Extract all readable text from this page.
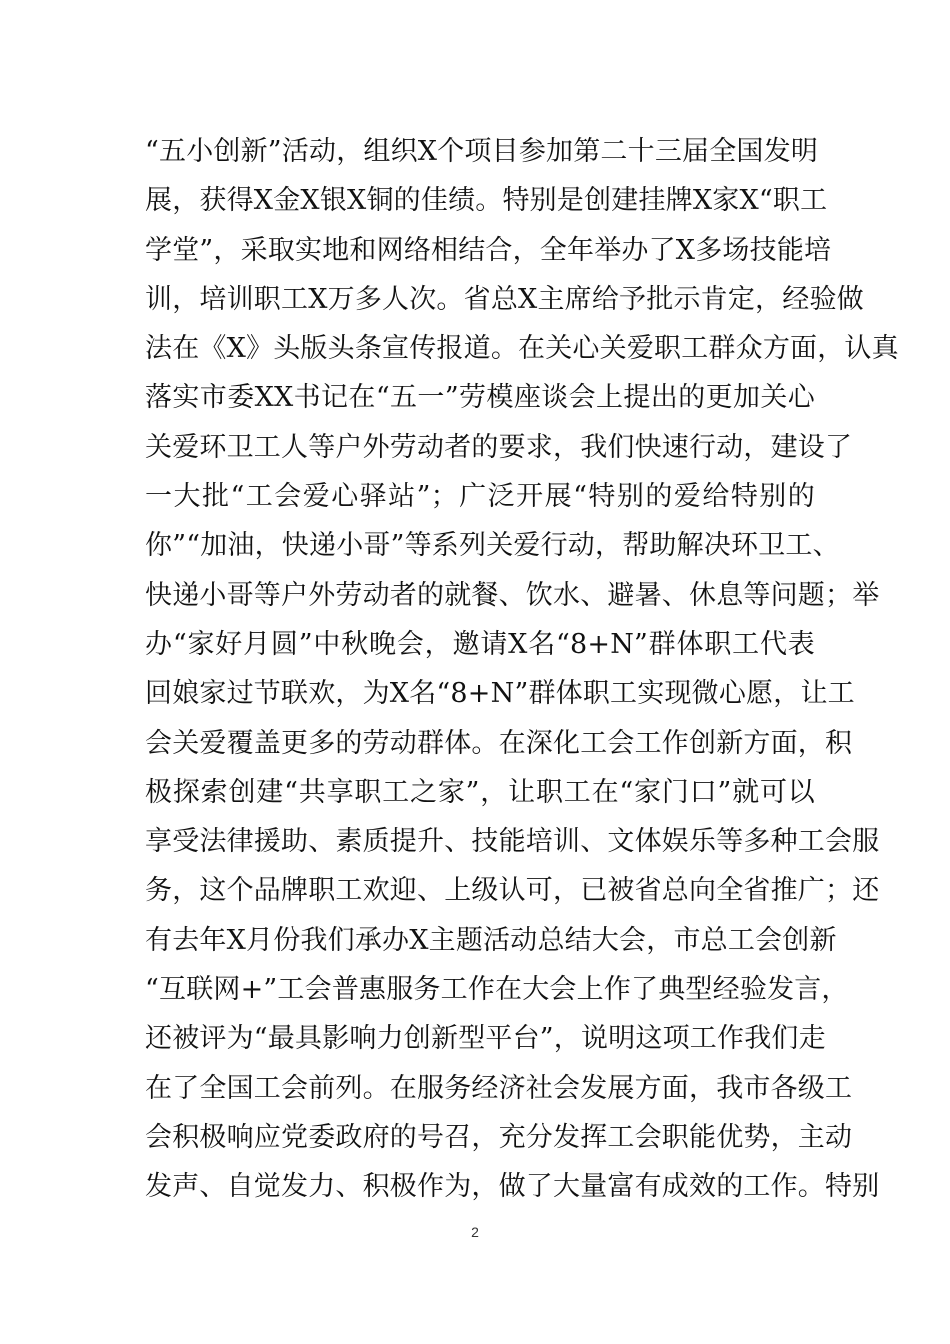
“五小创新”活动，组织X个项目参加第二十三届全国发明
展，获得X金X银X铜的佳绩。特别是创建挂牌X家X“职工
学堂”，采取实地和网络相结合，全年举办了X多场技能培
训，培训职工X万多人次。省总X主席给予批示肯定，经验做
法在《X》头版头条宣传报道。在关心关爱职工群众方面，认真
落实市委XX书记在“五一”劳模座谈会上提出的更加关心
关爱环卫工人等户外劳动者的要求，我们快速行动，建设了
一大批“工会爱心驿站”；广泛开展“特别的爱给特别的
你”“加油，快递小哥”等系列关爱行动，帮助解决环卫工、
快递小哥等户外劳动者的就餐、饮水、避暑、休息等问题；举
办“家好月圆”中秋晚会，邀请X名“8+N”群体职工代表
回娘家过节联欢，为X名“8+N”群体职工实现微心愿，让工
会关爱覆盖更多的劳动群体。在深化工会工作创新方面，积
极探索创建“共享职工之家”，让职工在“家门口”就可以
享受法律援助、素质提升、技能培训、文体娱乐等多种工会服
务，这个品牌职工欢迎、上级认可，已被省总向全省推广；还
有去年X月份我们承办X主题活动总结大会，市总工会创新
“互联网+”工会普惠服务工作在大会上作了典型经验发言，
还被评为“最具影响力创新型平台”，说明这项工作我们走
在了全国工会前列。在服务经济社会发展方面，我市各级工
会积极响应党委政府的号召，充分发挥工会职能优势，主动
发声、自觉发力、积极作为，做了大量富有成效的工作。特别
2
